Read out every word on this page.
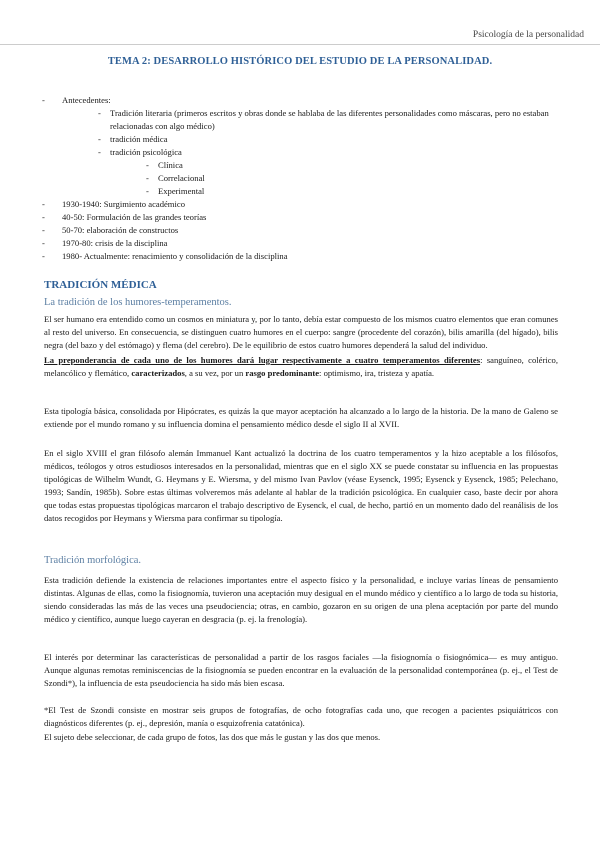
Psicología de la personalidad
TEMA 2: DESARROLLO HISTÓRICO DEL ESTUDIO DE LA PERSONALIDAD.
- Antecedentes:
- Tradición literaria (primeros escritos y obras donde se hablaba de las diferentes personalidades como máscaras, pero no estaban relacionadas con algo médico)
- tradición médica
- tradición psicológica
- Clínica
- Correlacional
- Experimental
- 1930-1940: Surgimiento académico
- 40-50: Formulación de las grandes teorías
- 50-70: elaboración de constructos
- 1970-80: crisis de la disciplina
- 1980- Actualmente: renacimiento y consolidación de la disciplina
TRADICIÓN MÉDICA
La tradición de los humores-temperamentos.
El ser humano era entendido como un cosmos en miniatura y, por lo tanto, debía estar compuesto de los mismos cuatro elementos que eran comunes al resto del universo. En consecuencia, se distinguen cuatro humores en el cuerpo: sangre (procedente del corazón), bilis amarilla (del hígado), bilis negra (del bazo y del estómago) y flema (del cerebro). De le equilibrio de estos cuatro humores dependerá la salud del individuo.
La preponderancia de cada uno de los humores dará lugar respectivamente a cuatro temperamentos diferentes: sanguíneo, colérico, melancólico y flemático, caracterizados, a su vez, por un rasgo predominante: optimismo, ira, tristeza y apatía.
Esta tipología básica, consolidada por Hipócrates, es quizás la que mayor aceptación ha alcanzado a lo largo de la historia. De la mano de Galeno se extiende por el mundo romano y su influencia domina el pensamiento médico desde el siglo II al XVII.
En el siglo XVIII el gran filósofo alemán Immanuel Kant actualizó la doctrina de los cuatro temperamentos y la hizo aceptable a los filósofos, médicos, teólogos y otros estudiosos interesados en la personalidad, mientras que en el siglo XX se puede constatar su influencia en las propuestas tipológicas de Wilhelm Wundt, G. Heymans y E. Wiersma, y del mismo Ivan Pavlov (véase Eysenck, 1995; Eysenck y Eysenck, 1985; Pelechano, 1993; Sandín, 1985b). Sobre estas últimas volveremos más adelante al hablar de la tradición psicológica. En cualquier caso, baste decir por ahora que todas estas propuestas tipológicas marcaron el trabajo descriptivo de Eysenck, el cual, de hecho, partió en un momento dado del reanálisis de los datos recogidos por Heymans y Wiersma para confirmar su tipología.
Tradición morfológica.
Esta tradición defiende la existencia de relaciones importantes entre el aspecto físico y la personalidad, e incluye varias líneas de pensamiento distintas. Algunas de ellas, como la fisiognomía, tuvieron una aceptación muy desigual en el mundo médico y científico a lo largo de toda su historia, siendo consideradas las más de las veces una pseudociencia; otras, en cambio, gozaron en su origen de una plena aceptación por parte del mundo médico y científico, aunque luego cayeran en desgracia (p. ej. la frenología).
El interés por determinar las características de personalidad a partir de los rasgos faciales —la fisiognomía o fisiognómica— es muy antiguo. Aunque algunas remotas reminiscencias de la fisiognomía se pueden encontrar en la evaluación de la personalidad contemporánea (p. ej., el Test de Szondi*), la influencia de esta pseudociencia ha sido más bien escasa.
*El Test de Szondi consiste en mostrar seis grupos de fotografías, de ocho fotografías cada uno, que recogen a pacientes psiquiátricos con diagnósticos diferentes (p. ej., depresión, manía o esquizofrenia catatónica).
El sujeto debe seleccionar, de cada grupo de fotos, las dos que más le gustan y las dos que menos.
